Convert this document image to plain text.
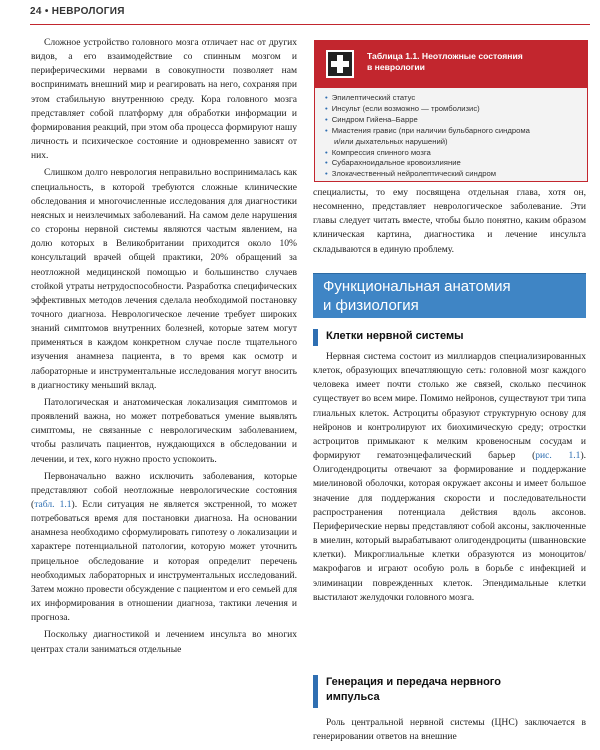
24 • НЕВРОЛОГИЯ

Сложное устройство головного мозга отличает нас от других видов, а его взаимодействие со спинным мозгом и периферическими нервами в совокупности позволяет нам воспринимать внешний мир и реагировать на него, сохраняя при этом стабильную внутреннюю среду. Кора головного мозга представляет собой платформу для обработки информации и формирования реакций, при этом оба процесса формируют нашу личность и психическое состояние и одновременно зависят от них.

Слишком долго неврология неправильно воспринималась как специальность, в которой требуются сложные клинические обследования и многочисленные исследования для диагностики неясных и неизлечимых заболеваний. На самом деле нарушения со стороны нервной системы являются частым явлением, на долю которых в Великобритании приходится около 10% консультаций врачей общей практики, 20% обращений за неотложной медицинской помощью и большинство случаев стойкой утраты нетрудоспособности. Разработка специфических эффективных методов лечения сделала необходимой постановку точного диагноза. Неврологическое лечение требует широких знаний симптомов внутренних болезней, которые затем могут применяться в каждом конкретном случае после тщательного изучения анамнеза пациента, в то время как осмотр и лабораторные и инструментальные исследования могут вносить в диагностику меньший вклад.

Патологическая и анатомическая локализация симптомов и проявлений важна, но может потребоваться умение выявлять симптомы, не связанные с неврологическим заболеванием, чтобы различать пациентов, нуждающихся в обследовании и лечении, и тех, кого нужно просто успокоить.

Первоначально важно исключить заболевания, которые представляют собой неотложные неврологические состояния (табл. 1.1). Если ситуация не является экстренной, то может потребоваться время для постановки диагноза. На основании анамнеза необходимо сформулировать гипотезу о локализации и характере потенциальной патологии, которую может уточнить прицельное обследование и которая определит перечень необходимых лабораторных и инструментальных исследований. Затем можно провести обсуждение с пациентом и его семьей для их информирования в отношении диагноза, тактики лечения и прогноза.

Поскольку диагностикой и лечением инсульта во многих центрах стали заниматься отдельные

Таблица 1.1. Неотложные состояния
в неврологии
• Эпилептический статус
• Инсульт (если возможно — тромболизис)
• Синдром Гийена–Барре
• Миастения гравис (при наличии бульбарного синдрома
и/или дыхательных нарушений)
• Компрессия спинного мозга
• Субарахноидальное кровоизлияние
• Злокачественный нейролептический синдром

специалисты, то ему посвящена отдельная глава, хотя он, несомненно, представляет неврологическое заболевание. Эти главы следует читать вместе, чтобы было понятно, каким образом клиническая картина, диагностика и лечение инсульта складываются в единую проблему.

Функциональная анатомия
и физиология
Клетки нервной системы

Нервная система состоит из миллиардов специализированных клеток, образующих впечатляющую сеть: головной мозг каждого человека имеет почти столько же связей, сколько песчинок существует во всем мире. Помимо нейронов, существуют три типа глиальных клеток. Астроциты образуют структурную основу для нейронов и контролируют их биохимическую среду; отростки астроцитов примыкают к мелким кровеносным сосудам и формируют гематоэнцефалический барьер (рис. 1.1). Олигодендроциты отвечают за формирование и поддержание миелиновой оболочки, которая окружает аксоны и имеет большое значение для поддержания скорости и последовательности распространения потенциала действия вдоль аксонов. Периферические нервы представляют собой аксоны, заключенные в миелин, который вырабатывают олигодендроциты (шванновские клетки). Микроглиальные клетки образуются из моноцитов/макрофагов и играют особую роль в борьбе с инфекцией и элиминации поврежденных клеток. Эпендимальные клетки выстилают желудочки головного мозга.

Генерация и передача нервного
импульса

Роль центральной нервной системы (ЦНС) заключается в генерировании ответов на внешние
